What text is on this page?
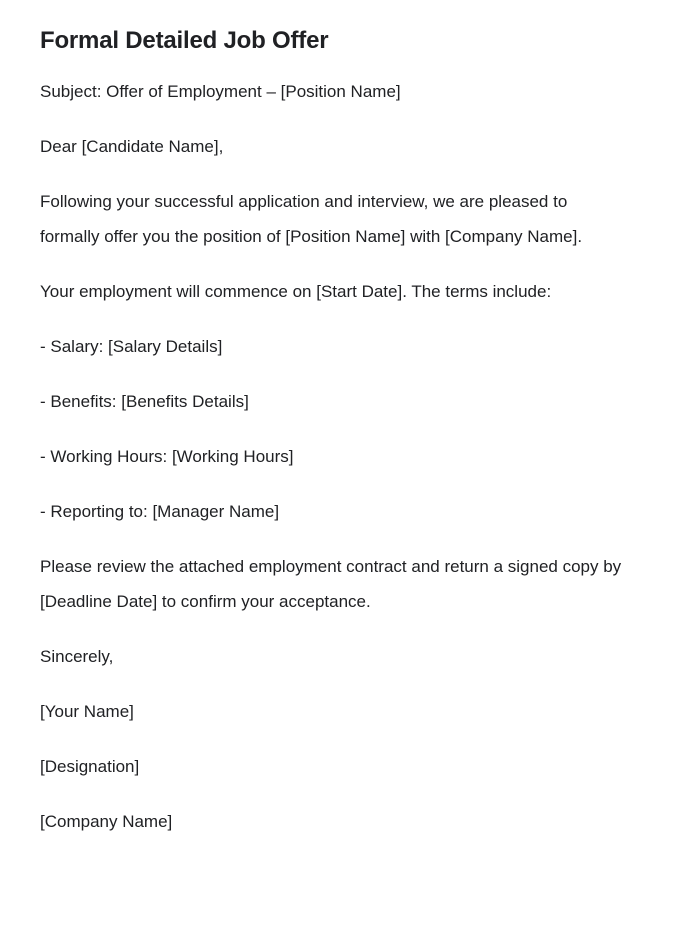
Formal Detailed Job Offer

Subject: Offer of Employment – [Position Name]

Dear [Candidate Name],

Following your successful application and interview, we are pleased to formally offer you the position of [Position Name] with [Company Name].

Your employment will commence on [Start Date]. The terms include:

- Salary: [Salary Details]

- Benefits: [Benefits Details]

- Working Hours: [Working Hours]

- Reporting to: [Manager Name]

Please review the attached employment contract and return a signed copy by [Deadline Date] to confirm your acceptance.

Sincerely,

[Your Name]

[Designation]

[Company Name]
